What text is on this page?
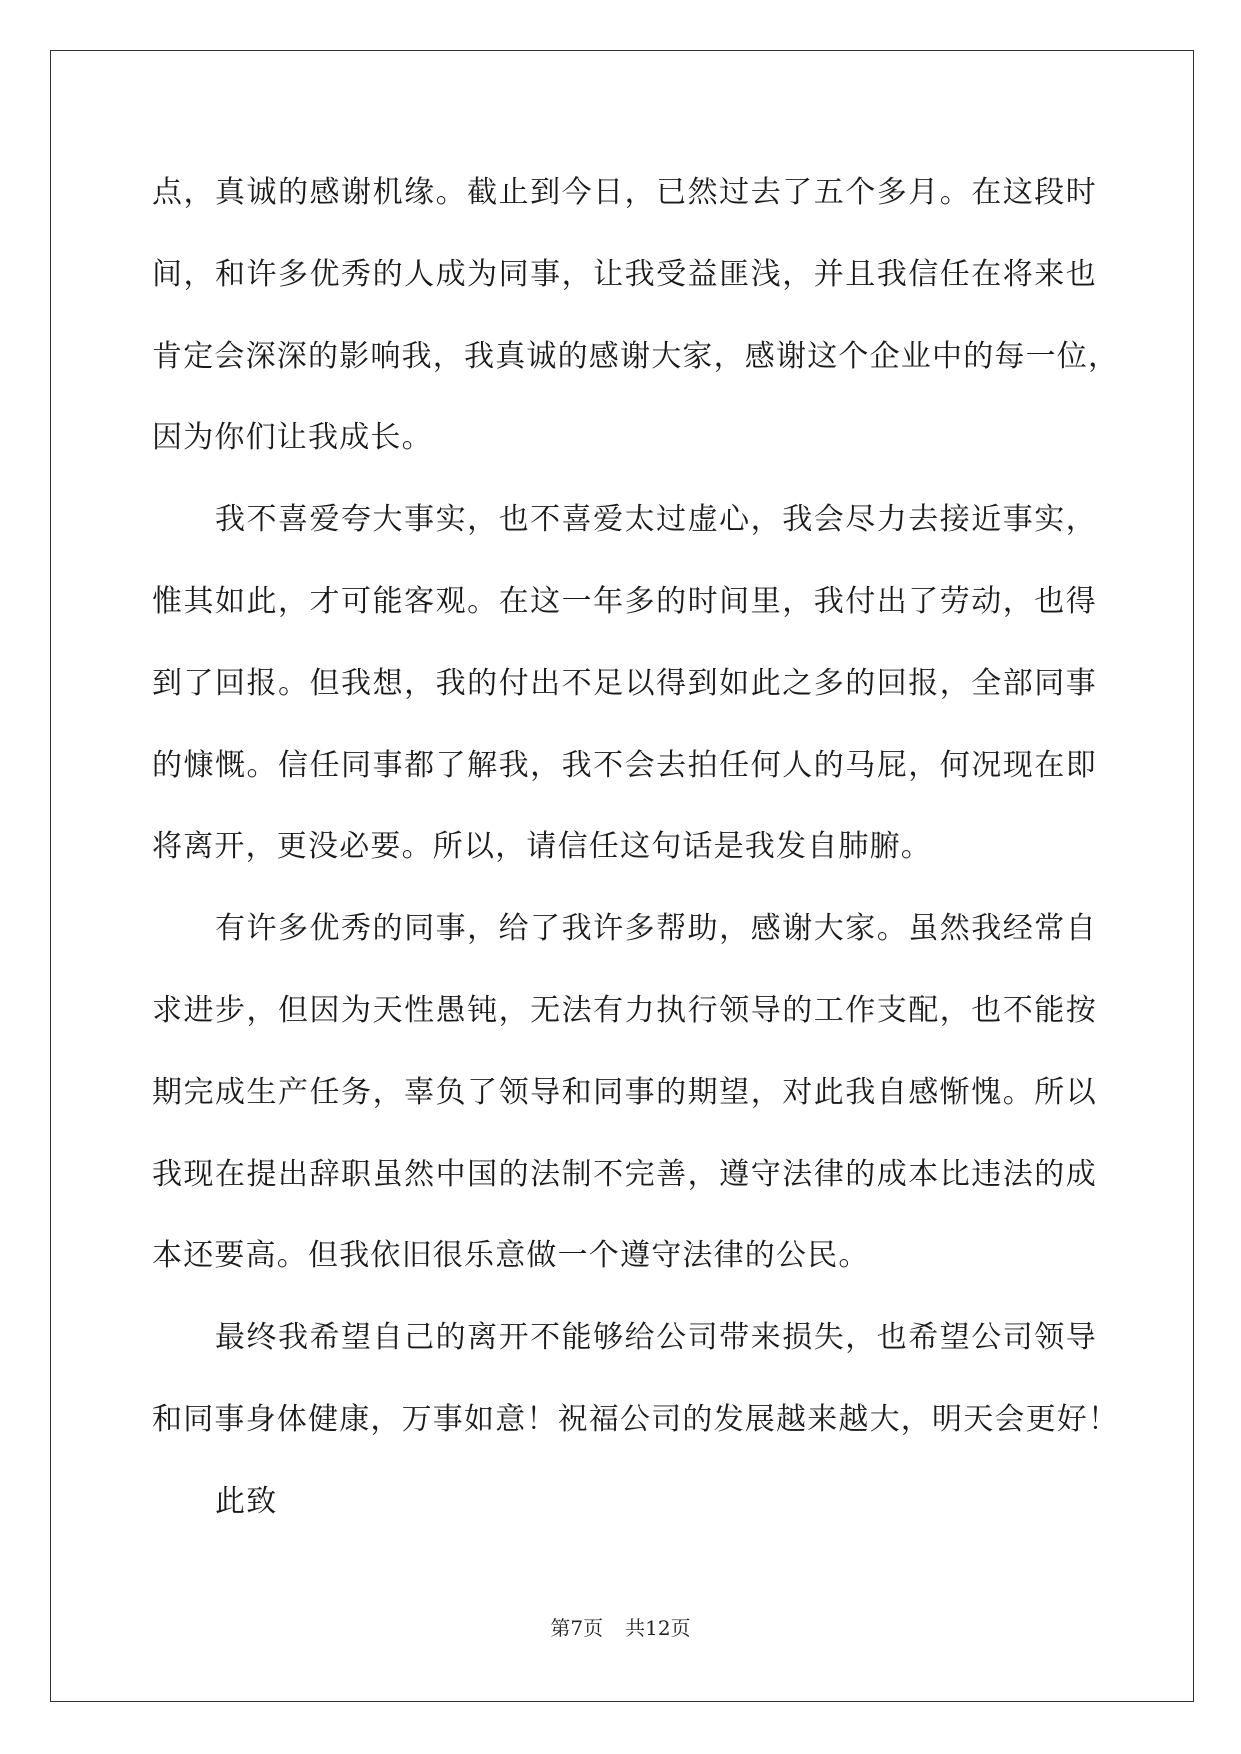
点，真诚的感谢机缘。截止到今日，已然过去了五个多月。在这段时
间，和许多优秀的人成为同事，让我受益匪浅，并且我信任在将来也
肯定会深深的影响我，我真诚的感谢大家，感谢这个企业中的每一位，
因为你们让我成长。
我不喜爱夸大事实，也不喜爱太过虚心，我会尽力去接近事实，
惟其如此，才可能客观。在这一年多的时间里，我付出了劳动，也得
到了回报。但我想，我的付出不足以得到如此之多的回报，全部同事
的慷慨。信任同事都了解我，我不会去拍任何人的马屁，何况现在即
将离开，更没必要。所以，请信任这句话是我发自肺腑。
有许多优秀的同事，给了我许多帮助，感谢大家。虽然我经常自
求进步，但因为天性愚钝，无法有力执行领导的工作支配，也不能按
期完成生产任务，辜负了领导和同事的期望，对此我自感惭愧。所以
我现在提出辞职虽然中国的法制不完善，遵守法律的成本比违法的成
本还要高。但我依旧很乐意做一个遵守法律的公民。
最终我希望自己的离开不能够给公司带来损失，也希望公司领导
和同事身体健康，万事如意！祝福公司的发展越来越大，明天会更好！
此致
第7页 共12页
